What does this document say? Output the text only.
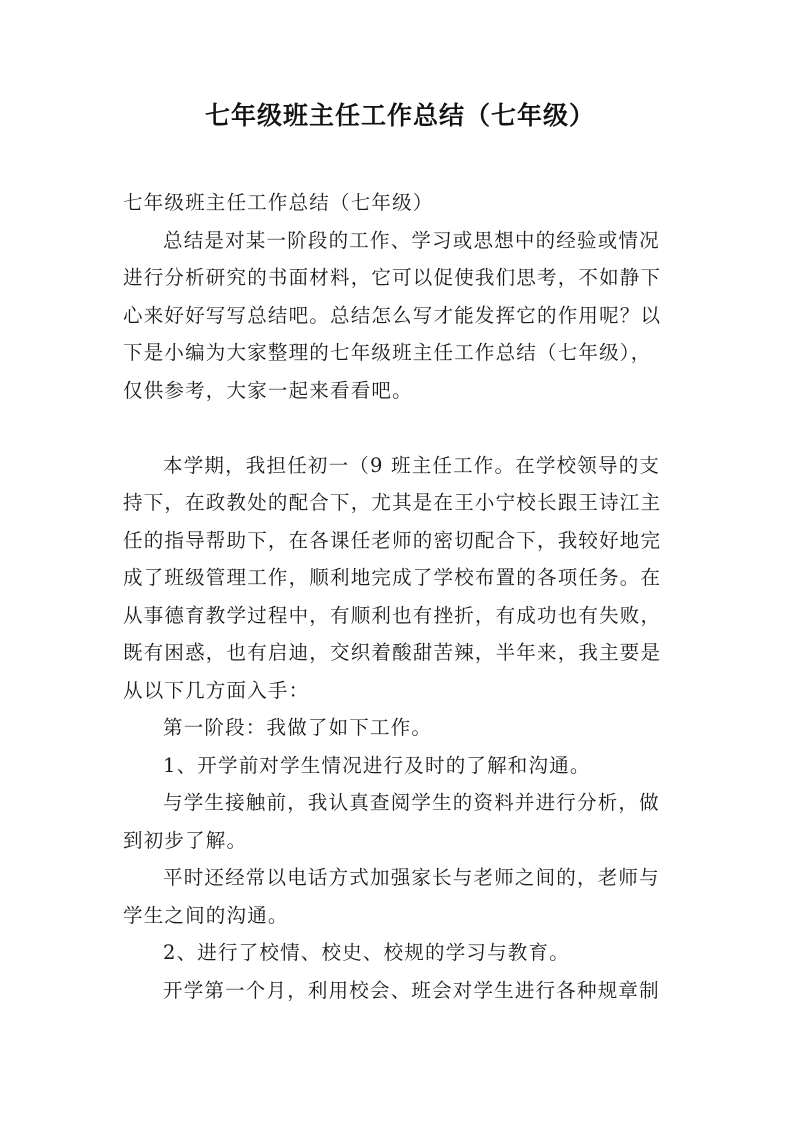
七年级班主任工作总结（七年级）
七年级班主任工作总结（七年级）
总结是对某一阶段的工作、学习或思想中的经验或情况
进行分析研究的书面材料，它可以促使我们思考，不如静下
心来好好写写总结吧。总结怎么写才能发挥它的作用呢？以
下是小编为大家整理的七年级班主任工作总结（七年级），
仅供参考，大家一起来看看吧。
本学期，我担任初一（9 班主任工作。在学校领导的支
持下，在政教处的配合下，尤其是在王小宁校长跟王诗江主
任的指导帮助下，在各课任老师的密切配合下，我较好地完
成了班级管理工作，顺利地完成了学校布置的各项任务。在
从事德育教学过程中，有顺利也有挫折，有成功也有失败，
既有困惑，也有启迪，交织着酸甜苦辣，半年来，我主要是
从以下几方面入手：
第一阶段：我做了如下工作。
1、开学前对学生情况进行及时的了解和沟通。
与学生接触前，我认真查阅学生的资料并进行分析，做
到初步了解。
平时还经常以电话方式加强家长与老师之间的，老师与
学生之间的沟通。
2、进行了校情、校史、校规的学习与教育。
开学第一个月，利用校会、班会对学生进行各种规章制
